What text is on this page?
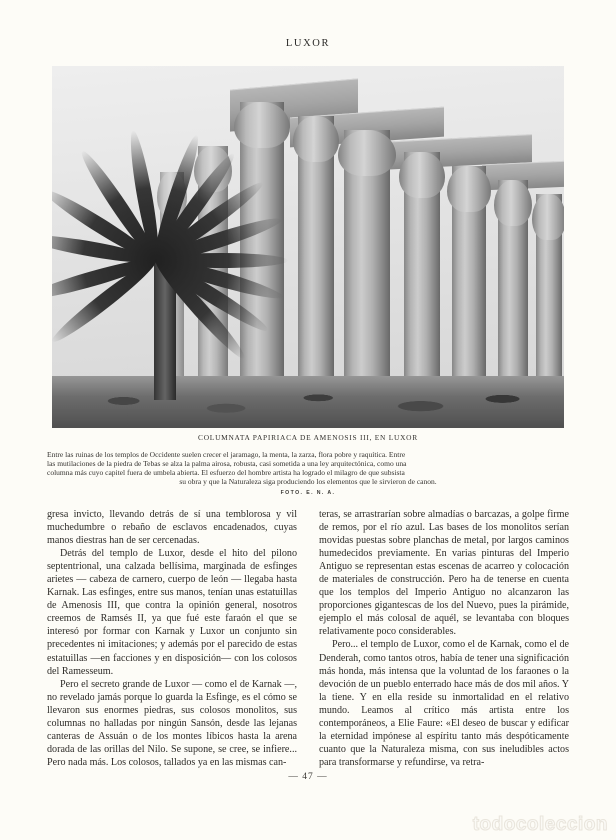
LUXOR
COLUMNATA PAPIRIACA DE AMENOSIS III, EN LUXOR
Entre las ruinas de los templos de Occidente suelen crecer el jaramago, la menta, la zarza, flora pobre y raquítica. Entre
las mutilaciones de la piedra de Tebas se alza la palma airosa, robusta, casi sometida a una ley arquitectónica, como una
columna más cuyo capitel fuera de umbela abierta. El esfuerzo del hombre artista ha logrado el milagro de que subsista
su obra y que la Naturaleza siga produciendo los elementos que le sirvieron de canon.
FOTO. E. N. A.

gresa invicto, llevando detrás de sí una temblorosa y vil muchedumbre o rebaño de esclavos encadenados, cuyas manos diestras han de ser cercenadas.

Detrás del templo de Luxor, desde el hito del pilono septentrional, una calzada bellísima, marginada de esfinges arietes — cabeza de carnero, cuerpo de león — llegaba hasta Karnak. Las esfinges, entre sus manos, tenían unas estatuillas de Amenosis III, que contra la opinión general, nosotros creemos de Ramsés II, ya que fué este faraón el que se interesó por formar con Karnak y Luxor un conjunto sin precedentes ni imitaciones; y además por el parecido de estas estatuillas —en facciones y en disposición— con los colosos del Ramesseum.

Pero el secreto grande de Luxor — como el de Karnak —, no revelado jamás porque lo guarda la Esfinge, es el cómo se llevaron sus enormes piedras, sus colosos monolitos, sus columnas no halladas por ningún Sansón, desde las lejanas canteras de Assuán o de los montes líbicos hasta la arena dorada de las orillas del Nilo. Se supone, se cree, se infiere... Pero nada más. Los colosos, tallados ya en las mismas can-

teras, se arrastrarían sobre almadías o barcazas, a golpe firme de remos, por el río azul. Las bases de los monolitos serían movidas puestas sobre planchas de metal, por largos caminos humedecidos previamente. En varias pinturas del Imperio Antiguo se representan estas escenas de acarreo y colocación de materiales de construcción. Pero ha de tenerse en cuenta que los templos del Imperio Antiguo no alcanzaron las proporciones gigantescas de los del Nuevo, pues la pirámide, ejemplo el más colosal de aquél, se levantaba con bloques relativamente poco considerables.

Pero... el templo de Luxor, como el de Karnak, como el de Denderah, como tantos otros, había de tener una significación más honda, más intensa que la voluntad de los faraones o la devoción de un pueblo enterrado hace más de dos mil años. Y la tiene. Y en ella reside su inmortalidad en el relativo mundo. Leamos al crítico más artista entre los contemporáneos, a Elie Faure: «El deseo de buscar y edificar la eternidad impónese al espíritu tanto más despóticamente cuanto que la Naturaleza misma, con sus ineludibles actos para transformarse y refundirse, va retra-

— 47 —
todocoleccion
